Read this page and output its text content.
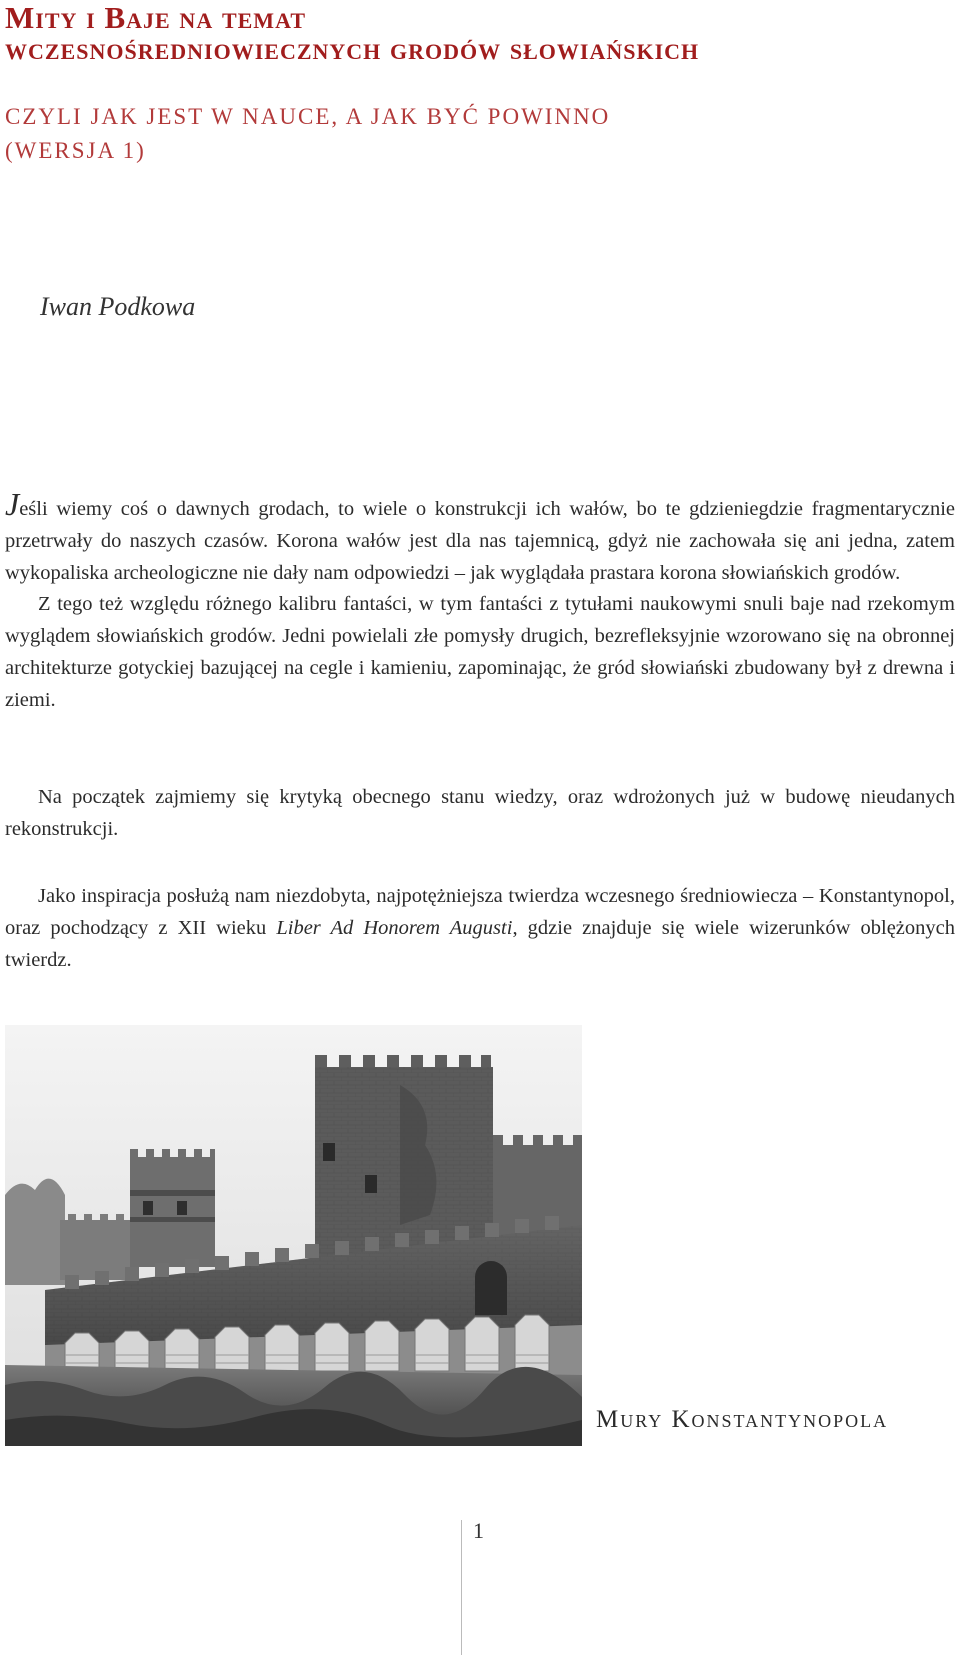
Mity i Baje na temat
wczesnośredniowiecznych grodów słowiańskich
CZYLI JAK JEST W NAUCE, A JAK BYĆ POWINNO
(WERSJA 1)
Iwan Podkowa

Jeśli wiemy coś o dawnych grodach, to wiele o konstrukcji ich wałów, bo te gdzieniegdzie fragmentarycznie przetrwały do naszych czasów. Korona wałów jest dla nas tajemnicą, gdyż nie zachowała się ani jedna, zatem wykopaliska archeologiczne nie dały nam odpowiedzi – jak wyglądała prastara korona słowiańskich grodów.

Z tego też względu różnego kalibru fantaści, w tym fantaści z tytułami naukowymi snuli baje nad rzekomym wyglądem słowiańskich grodów. Jedni powielali złe pomysły drugich, bezrefleksyjnie wzorowano się na obronnej architekturze gotyckiej bazującej na cegle i kamieniu, zapominając, że gród słowiański zbudowany był z drewna i ziemi.

Na początek zajmiemy się krytyką obecnego stanu wiedzy, oraz wdrożonych już w budowę nieudanych rekonstrukcji.

Jako inspiracja posłużą nam niezdobyta, najpotężniejsza twierdza wczesnego średniowiecza – Konstantynopol, oraz pochodzący z XII wieku Liber Ad Honorem Augusti, gdzie znajduje się wiele wizerunków oblężonych twierdz.

Mury Konstantynopola
1
